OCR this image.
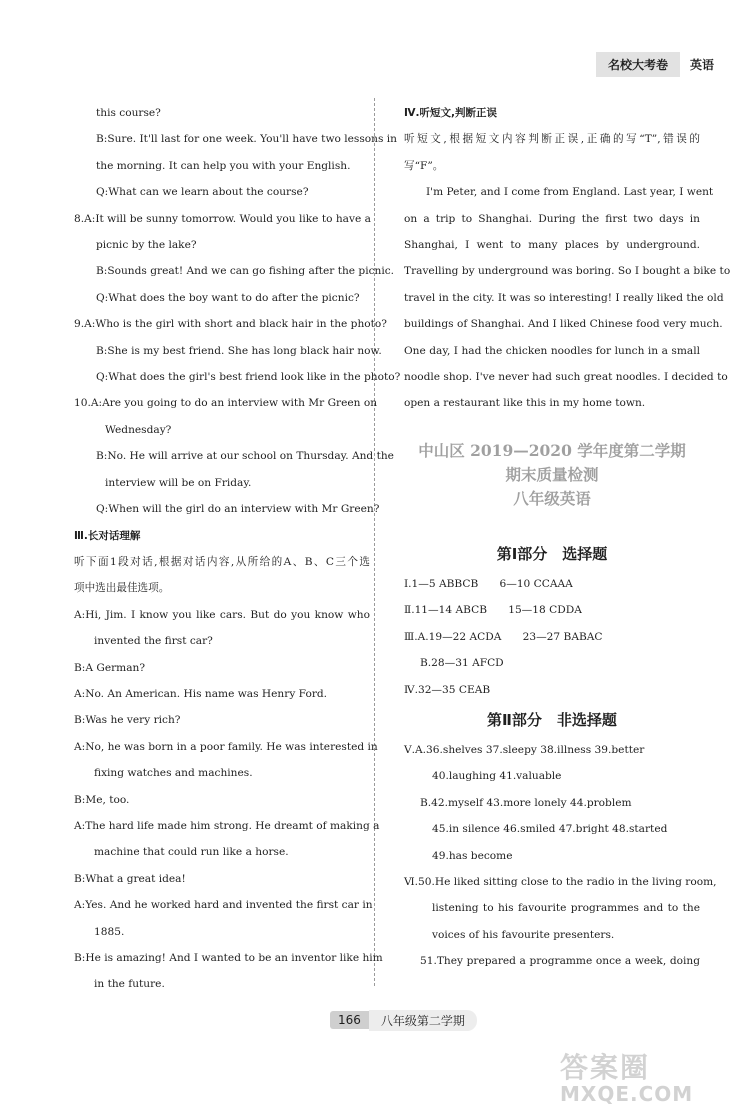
名校大考卷	英语

this course?

B:Sure. It'll last for one week. You'll have two lessons in

the morning. It can help you with your English.

Q:What can we learn about the course?

8.A:It will be sunny tomorrow. Would you like to have a

picnic by the lake?

B:Sounds great! And we can go fishing after the picnic.

Q:What does the boy want to do after the picnic?

9.A:Who is the girl with short and black hair in the photo?

B:She is my best friend. She has long black hair now.

Q:What does the girl's best friend look like in the photo?

10.A:Are you going to do an interview with Mr Green on

Wednesday?

B:No. He will arrive at our school on Thursday. And the

interview will be on Friday.

Q:When will the girl do an interview with Mr Green?

Ⅲ.长对话理解

听下面1段对话,根据对话内容,从所给的A、B、C三个选

项中选出最佳选项。

A:Hi, Jim. I know you like cars. But do you know who

invented the first car?

B:A German?

A:No. An American. His name was Henry Ford.

B:Was he very rich?

A:No, he was born in a poor family. He was interested in

fixing watches and machines.

B:Me, too.

A:The hard life made him strong. He dreamt of making a

machine that could run like a horse.

B:What a great idea!

A:Yes. And he worked hard and invented the first car in

1885.

B:He is amazing! And I wanted to be an inventor like him

in the future.

Ⅳ.听短文,判断正误

听短文,根据短文内容判断正误,正确的写“T”,错误的

写“F”。

I'm Peter, and I come from England. Last year, I went

on a trip to Shanghai. During the first two days in

Shanghai, I went to many places by underground.

Travelling by underground was boring. So I bought a bike to

travel in the city. It was so interesting! I really liked the old

buildings of Shanghai. And I liked Chinese food very much.

One day, I had the chicken noodles for lunch in a small

noodle shop. I've never had such great noodles. I decided to

open a restaurant like this in my home town.

中山区 2019—2020 学年度第二学期
期末质量检测
八年级英语
第Ⅰ部分　选择题

Ⅰ.1—5 ABBCB　　6—10 CCAAA

Ⅱ.11—14 ABCB　　15—18 CDDA

Ⅲ.A.19—22 ACDA　　23—27 BABAC

B.28—31 AFCD

Ⅳ.32—35 CEAB

第Ⅱ部分　非选择题

Ⅴ.A.36.shelves 37.sleepy 38.illness 39.better

40.laughing 41.valuable

B.42.myself 43.more lonely 44.problem

45.in silence 46.smiled 47.bright 48.started

49.has become

Ⅵ.50.He liked sitting close to the radio in the living room,

listening to his favourite programmes and to the

voices of his favourite presenters.

51.They prepared a programme once a week, doing

166	八年级第二学期
答案圈
MXQE.COM
